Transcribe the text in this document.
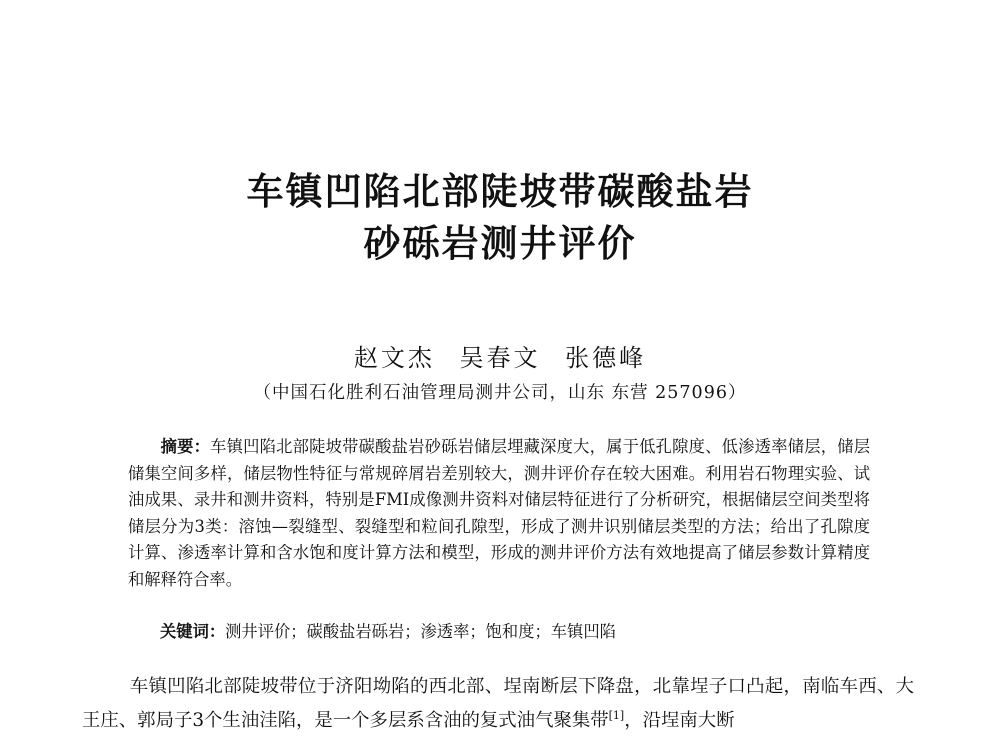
车镇凹陷北部陡坡带碳酸盐岩
砂砾岩测井评价
赵文杰 吴春文 张德峰
（中国石化胜利石油管理局测井公司，山东 东营 257096）
摘要：车镇凹陷北部陡坡带碳酸盐岩砂砾岩储层埋藏深度大，属于低孔隙度、低渗透率储层，储层储集空间多样，储层物性特征与常规碎屑岩差别较大，测井评价存在较大困难。利用岩石物理实验、试油成果、录井和测井资料，特别是FMI成像测井资料对储层特征进行了分析研究，根据储层空间类型将储层分为3类：溶蚀—裂缝型、裂缝型和粒间孔隙型，形成了测井识别储层类型的方法；给出了孔隙度计算、渗透率计算和含水饱和度计算方法和模型，形成的测井评价方法有效地提高了储层参数计算精度和解释符合率。
关键词：测井评价；碳酸盐岩砾岩；渗透率；饱和度；车镇凹陷
车镇凹陷北部陡坡带位于济阳坳陷的西北部、埕南断层下降盘，北靠埕子口凸起，南临车西、大王庄、郭局子3个生油洼陷，是一个多层系含油的复式油气聚集带[1]，沿埕南大断
